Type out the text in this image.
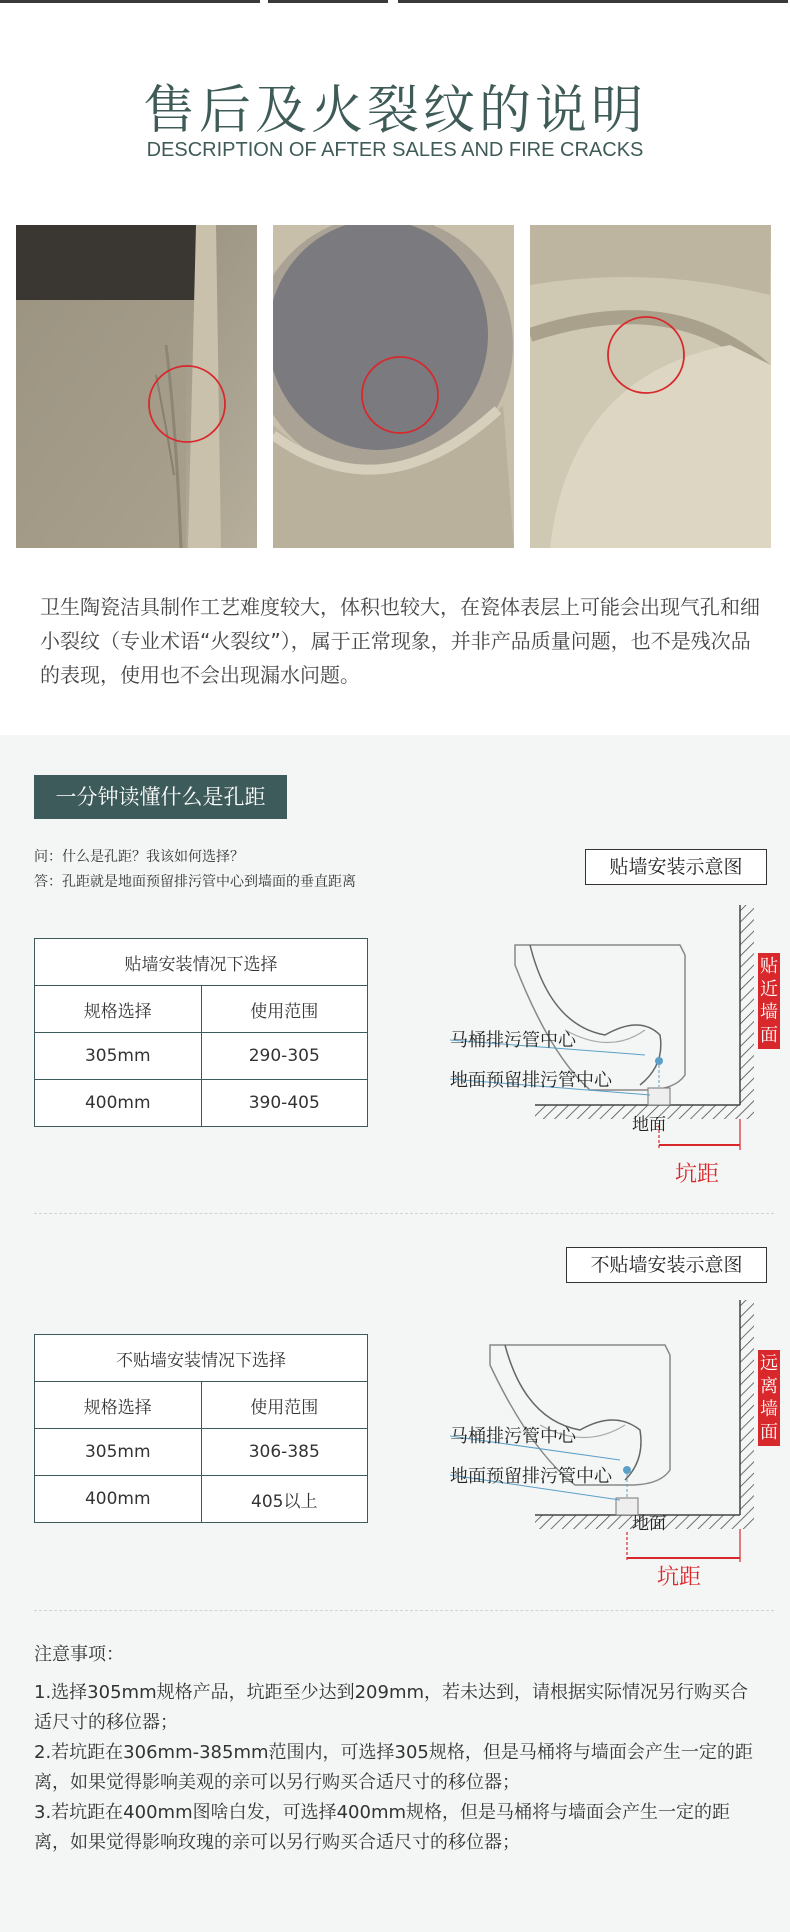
售后及火裂纹的说明
DESCRIPTION OF AFTER SALES AND FIRE CRACKS
卫生陶瓷洁具制作工艺难度较大，体积也较大，在瓷体表层上可能会出现气孔和细小裂纹（专业术语“火裂纹”），属于正常现象，并非产品质量问题，也不是残次品的表现，使用也不会出现漏水问题。
一分钟读懂什么是孔距
问：什么是孔距？我该如何选择？
答：孔距就是地面预留排污管中心到墙面的垂直距离
贴墙安装情况下选择	
规格选择	使用范围
305mm	290-305
400mm	390-405
贴墙安装示意图
贴近墙面
马桶排污管中心
地面预留排污管中心
地面
坑距
不贴墙安装示意图
不贴墙安装情况下选择	
规格选择	使用范围
305mm	306-385
400mm	405以上
远离墙面
马桶排污管中心
地面预留排污管中心
地面
坑距
注意事项：
1.选择305mm规格产品，坑距至少达到209mm，若未达到，请根据实际情况另行购买合适尺寸的移位器；
2.若坑距在306mm-385mm范围内，可选择305规格，但是马桶将与墙面会产生一定的距离，如果觉得影响美观的亲可以另行购买合适尺寸的移位器；
3.若坑距在400mm图啥白发，可选择400mm规格，但是马桶将与墙面会产生一定的距离，如果觉得影响玫瑰的亲可以另行购买合适尺寸的移位器；
